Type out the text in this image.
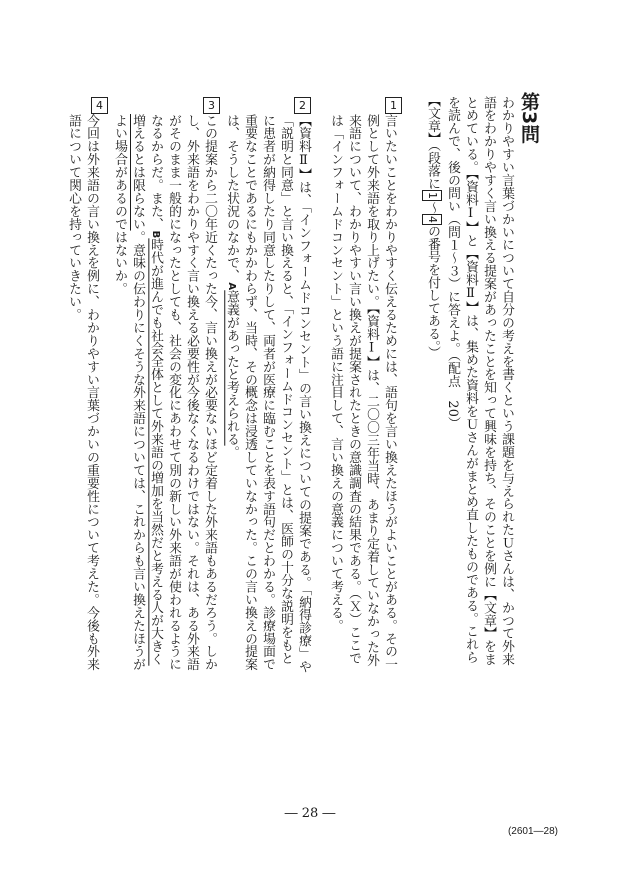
第3問
わかりやすい言葉づかいについて自分の考えを書くという課題を与えられたＵさんは、かつて外来語をわかりやすく言い換える提案があったことを知って興味を持ち、そのことを例に【文章】をまとめている。【資料Ⅰ】と【資料Ⅱ】は、集めた資料をＵさんがまとめ直したものである。これらを読んで、後の問い（問１～３）に答えよ。（配点　20）
【文章】（段落に1～4の番号を付してある。）
1
言いたいことをわかりやすく伝えるためには、語句を言い換えたほうがよいことがある。その一例として外来語を取り上げたい。【資料Ⅰ】は、二〇〇三年当時、あまり定着していなかった外来語について、わかりやすい言い換えが提案されたときの意識調査の結果である。（Ｘ）ここでは「インフォームドコンセント」という語に注目して、言い換えの意義について考える。
2
【資料Ⅱ】は、「インフォームドコンセント」の言い換えについての提案である。「納得診療」や「説明と同意」と言い換えると、「インフォームドコンセント」とは、医師の十分な説明をもとに患者が納得したり同意したりして、両者が医療に臨むことを表す語句だとわかる。診療場面で重要なことであるにもかかわらず、当時、その概念は浸透していなかった。この言い換えの提案は、そうした状況のなかで、A意義があったと考えられる。
3
この提案から二〇年近くたった今、言い換えが必要ないほど定着した外来語もあるだろう。しかし、外来語をわかりやすく言い換える必要性が今後なくなるわけではない。それは、ある外来語がそのまま一般的になったとしても、社会の変化にあわせて別の新しい外来語が使われるようになるからだ。また、B時代が進んでも社会全体として外来語の増加を当然だと考える人が大きく増えるとは限らない。意味の伝わりにくそうな外来語については、これからも言い換えたほうがよい場合があるのではないか。
4
今回は外来語の言い換えを例に、わかりやすい言葉づかいの重要性について考えた。今後も外来語について関心を持っていきたい。
― 28 ―
(2601―28)
